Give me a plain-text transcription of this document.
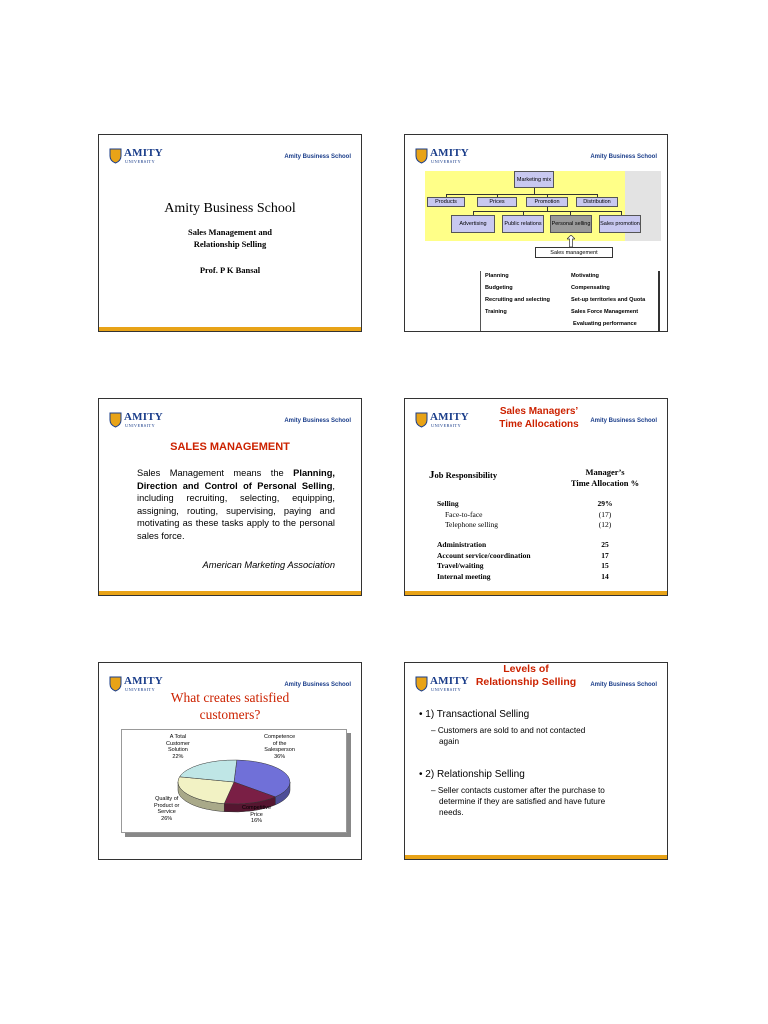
AMITY
UNIVERSITY
Amity Business School
Amity Business School
Sales Management and
Relationship Selling
Prof. P K Bansal
AMITY
UNIVERSITY
Amity Business School
Marketing mix
Products	Prices	Promotion	Distribution
Advertising	Public relations	Personal selling Sales promotion
Sales management
Planning
Budgeting
Recruiting and selecting
Training
Motivating
Compensating
Set-up territories and Quota
Sales Force Management
Evaluating performance
AMITY
UNIVERSITY
Amity Business School
SALES MANAGEMENT
Sales Management means the Planning, Direction and Control of Personal Selling, including recruiting, selecting, equipping, assigning, routing, supervising, paying and motivating as these tasks apply to the personal sales force.
American Marketing Association
AMITY
UNIVERSITY
Amity Business School
Sales Managers’
Time Allocations
Job Responsibility	Manager’s
Time Allocation %
Selling	29%
Face-to-face	(17)
Telephone selling	(12)
Administration	25
Account service/coordination	17
Travel/waiting	15
Internal meeting	14
AMITY
UNIVERSITY
Amity Business School
What creates satisfied
customers?
A Total
Customer
Solution
22%
Competence
of the
Salesperson
36%
Quality of
Product or
Service
26%
Competitive
Price
16%
AMITY
UNIVERSITY
Amity Business School
Levels of
Relationship Selling
• 1) Transactional Selling
– Customers are sold to and not contacted
again
• 2) Relationship Selling
– Seller contacts customer after the purchase to
determine if they are satisfied and have future
needs.
